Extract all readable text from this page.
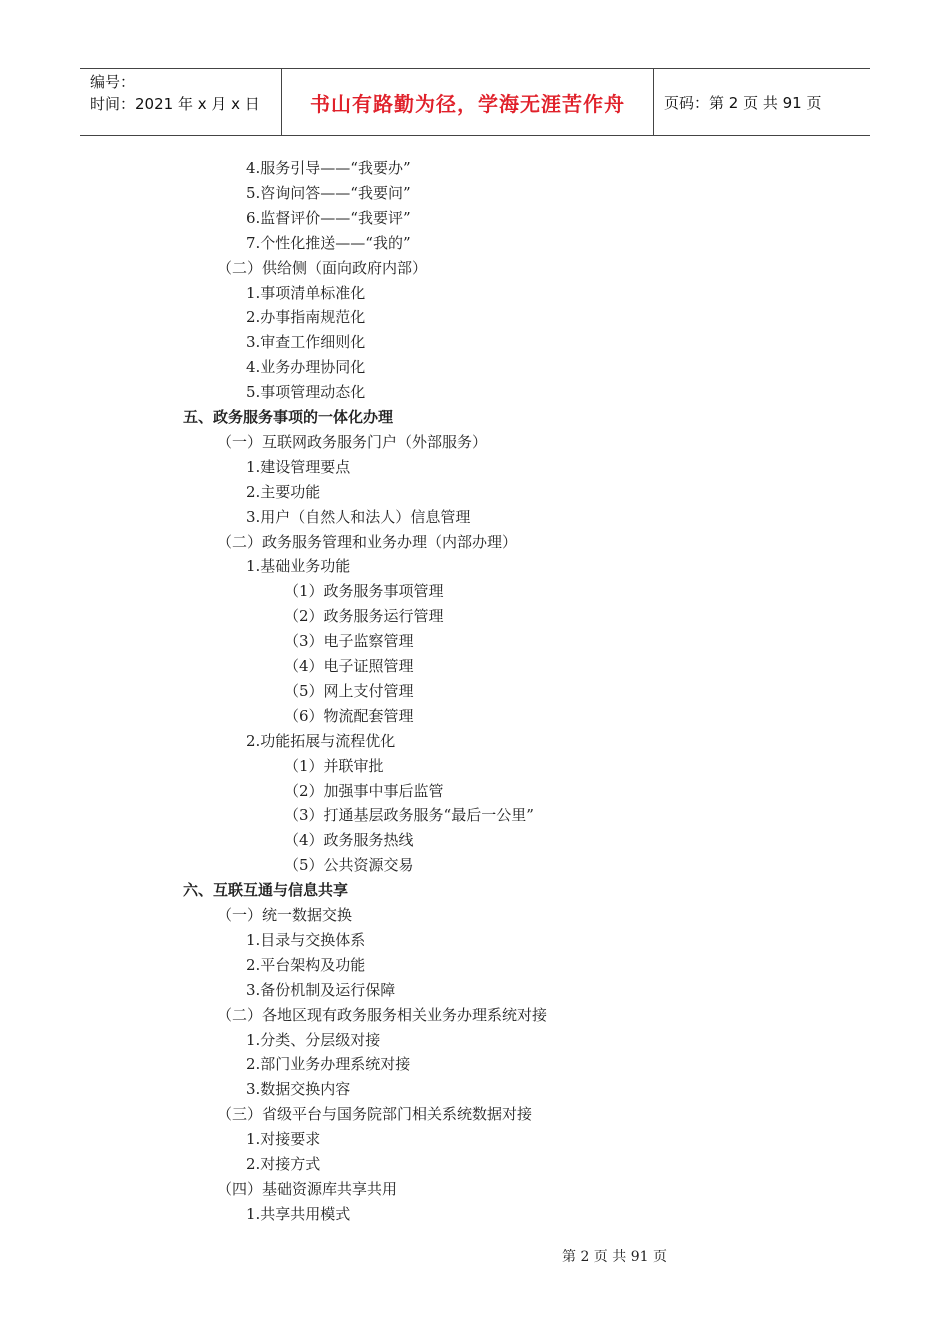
编号：
时间：2021 年 x 月 x 日	书山有路勤为径，学海无涯苦作舟	页码：第 2 页 共 91 页
4.服务引导——“我要办”
5.咨询问答——“我要问”
6.监督评价——“我要评”
7.个性化推送——“我的”
（二）供给侧（面向政府内部）
1.事项清单标准化
2.办事指南规范化
3.审查工作细则化
4.业务办理协同化
5.事项管理动态化
五、政务服务事项的一体化办理
（一）互联网政务服务门户（外部服务）
1.建设管理要点
2.主要功能
3.用户（自然人和法人）信息管理
（二）政务服务管理和业务办理（内部办理）
1.基础业务功能
（1）政务服务事项管理
（2）政务服务运行管理
（3）电子监察管理
（4）电子证照管理
（5）网上支付管理
（6）物流配套管理
2.功能拓展与流程优化
（1）并联审批
（2）加强事中事后监管
（3）打通基层政务服务“最后一公里”
（4）政务服务热线
（5）公共资源交易
六、互联互通与信息共享
（一）统一数据交换
1.目录与交换体系
2.平台架构及功能
3.备份机制及运行保障
（二）各地区现有政务服务相关业务办理系统对接
1.分类、分层级对接
2.部门业务办理系统对接
3.数据交换内容
（三）省级平台与国务院部门相关系统数据对接
1.对接要求
2.对接方式
（四）基础资源库共享共用
1.共享共用模式
第 2 页 共 91 页
